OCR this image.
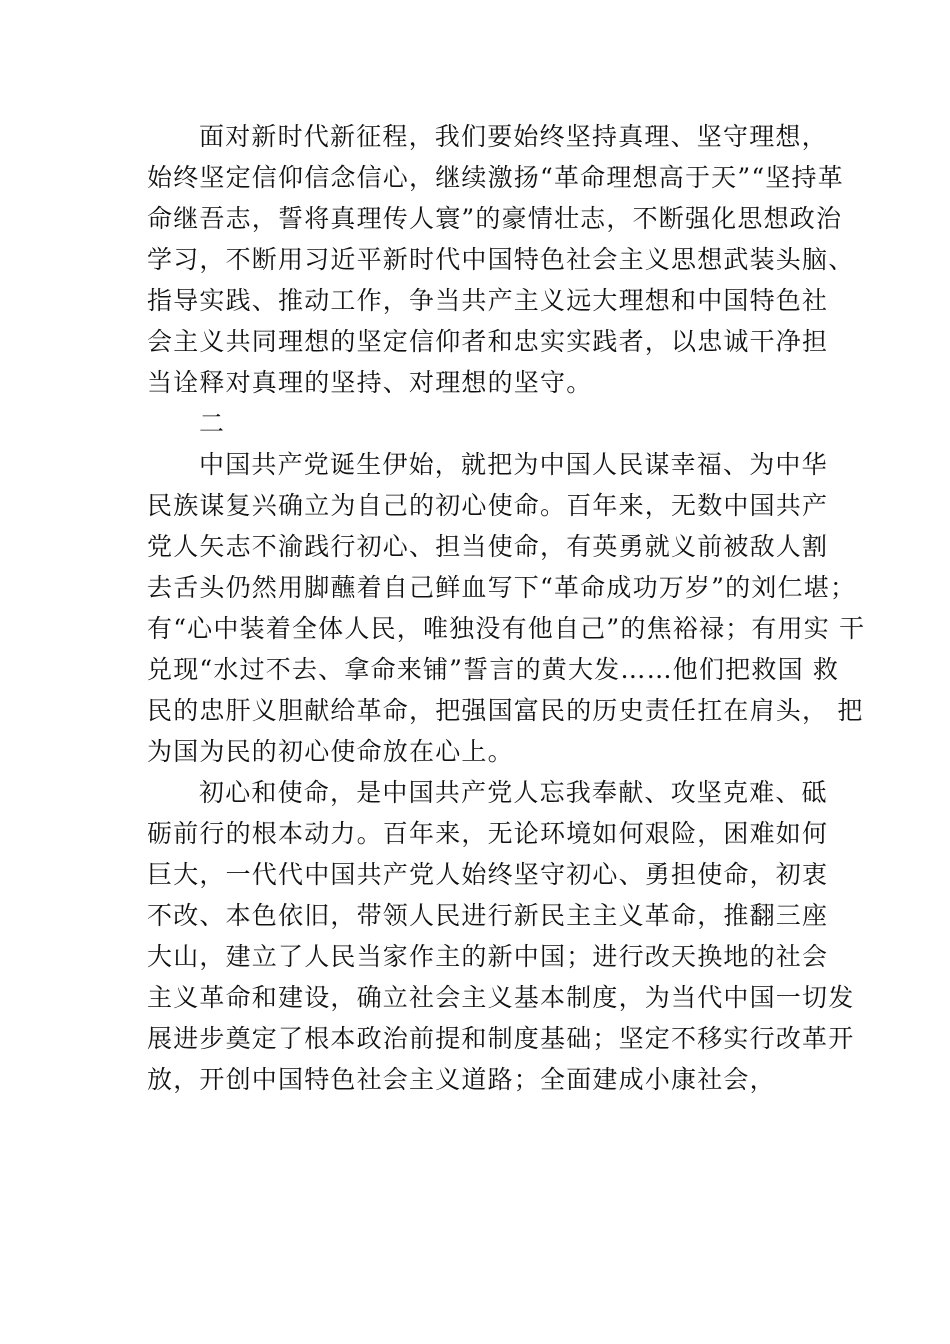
面对新时代新征程，我们要始终坚持真理、坚守理想，
始终坚定信仰信念信心，继续激扬“革命理想高于天”“坚持革
命继吾志，誓将真理传人寰”的豪情壮志，不断强化思想政治
学习，不断用习近平新时代中国特色社会主义思想武装头脑、
指导实践、推动工作，争当共产主义远大理想和中国特色社
会主义共同理想的坚定信仰者和忠实实践者，以忠诚干净担
当诠释对真理的坚持、对理想的坚守。
二
中国共产党诞生伊始，就把为中国人民谋幸福、为中华
民族谋复兴确立为自己的初心使命。百年来，无数中国共产
党人矢志不渝践行初心、担当使命，有英勇就义前被敌人割
去舌头仍然用脚蘸着自己鲜血写下“革命成功万岁”的刘仁堪；
有“心中装着全体人民，唯独没有他自己”的焦裕禄；有用实 干
兑现“水过不去、拿命来铺”誓言的黄大发……他们把救国 救
民的忠肝义胆献给革命，把强国富民的历史责任扛在肩头， 把
为国为民的初心使命放在心上。
初心和使命，是中国共产党人忘我奉献、攻坚克难、砥
砺前行的根本动力。百年来，无论环境如何艰险，困难如何
巨大，一代代中国共产党人始终坚守初心、勇担使命，初衷
不改、本色依旧，带领人民进行新民主主义革命，推翻三座
大山，建立了人民当家作主的新中国；进行改天换地的社会
主义革命和建设，确立社会主义基本制度，为当代中国一切发
展进步奠定了根本政治前提和制度基础；坚定不移实行改革开
放，开创中国特色社会主义道路；全面建成小康社会，
